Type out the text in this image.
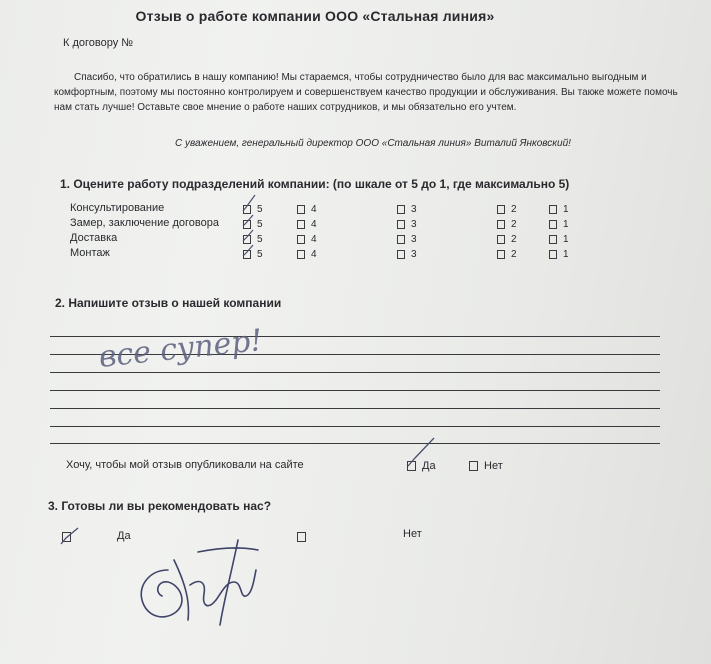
Отзыв о работе компании ООО «Стальная линия»
К договору №
Спасибо, что обратились в нашу компанию! Мы стараемся, чтобы сотрудничество было для вас максимально выгодным и комфортным, поэтому мы постоянно контролируем и совершенствуем качество продукции и обслуживания. Вы также можете помочь нам стать лучше! Оставьте свое мнение о работе наших сотрудников, и мы обязательно его учтем.
С уважением, генеральный директор ООО «Стальная линия» Виталий Янковский!
1. Оцените работу подразделений компании: (по шкале от 5 до 1, где максимально 5)
Консультирование	5	4	3	2	1
Замер, заключение договора	5	4	3	2	1
Доставка	5	4	3	2	1
Монтаж	5	4	3	2	1
2. Напишите отзыв о нашей компании
все супер!
Хочу, чтобы мой отзыв опубликовали на сайте	Да	Нет
3. Готовы ли вы рекомендовать нас?
Да	Нет
